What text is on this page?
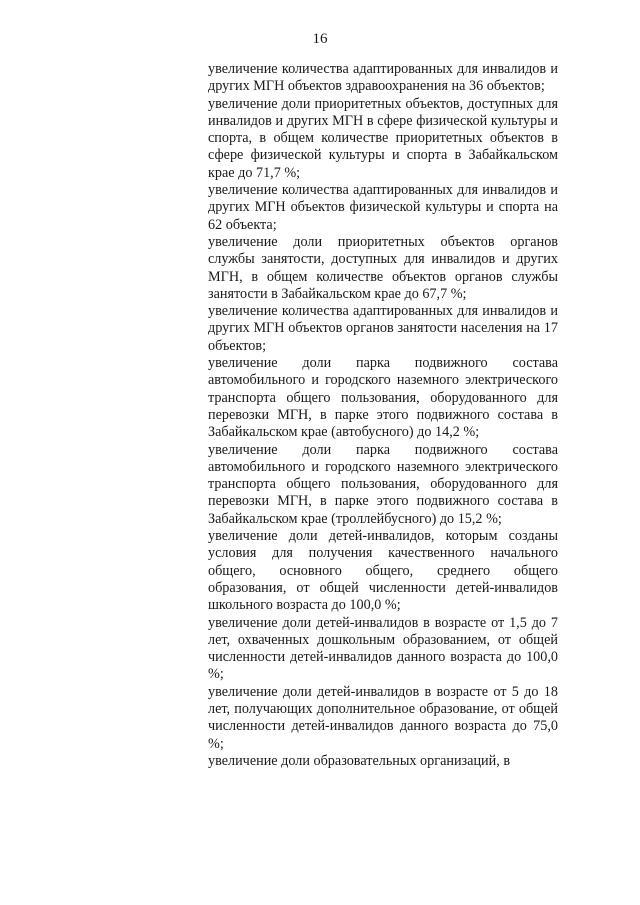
16

увеличение количества адаптированных для инвалидов и других МГН объектов здравоохранения на 36 объектов;

увеличение доли приоритетных объектов, доступных для инвалидов и других МГН в сфере физической культуры и спорта, в общем количестве приоритетных объектов в сфере физической культуры и спорта в Забайкальском крае до 71,7 %;

увеличение количества адаптированных для инвалидов и других МГН объектов физической культуры и спорта на 62 объекта;

увеличение доли приоритетных объектов органов службы занятости, доступных для инвалидов и других МГН, в общем количестве объектов органов службы занятости в Забайкальском крае до 67,7 %;

увеличение количества адаптированных для инвалидов и других МГН объектов органов занятости населения на 17 объектов;

увеличение доли парка подвижного состава автомобильного и городского наземного электрического транспорта общего пользования, оборудованного для перевозки МГН, в парке этого подвижного состава в Забайкальском крае (автобусного) до 14,2 %;

увеличение доли парка подвижного состава автомобильного и городского наземного электрического транспорта общего пользования, оборудованного для перевозки МГН, в парке этого подвижного состава в Забайкальском крае (троллейбусного) до 15,2 %;

увеличение доли детей-инвалидов, которым созданы условия для получения качественного начального общего, основного общего, среднего общего образования, от общей численности детей-инвалидов школьного возраста до 100,0 %;

увеличение доли детей-инвалидов в возрасте от 1,5 до 7 лет, охваченных дошкольным образованием, от общей численности детей-инвалидов данного возраста до 100,0 %;

увеличение доли детей-инвалидов в возрасте от 5 до 18 лет, получающих дополнительное образование, от общей численности детей-инвалидов данного возраста до 75,0 %;

увеличение доли образовательных организаций, в
